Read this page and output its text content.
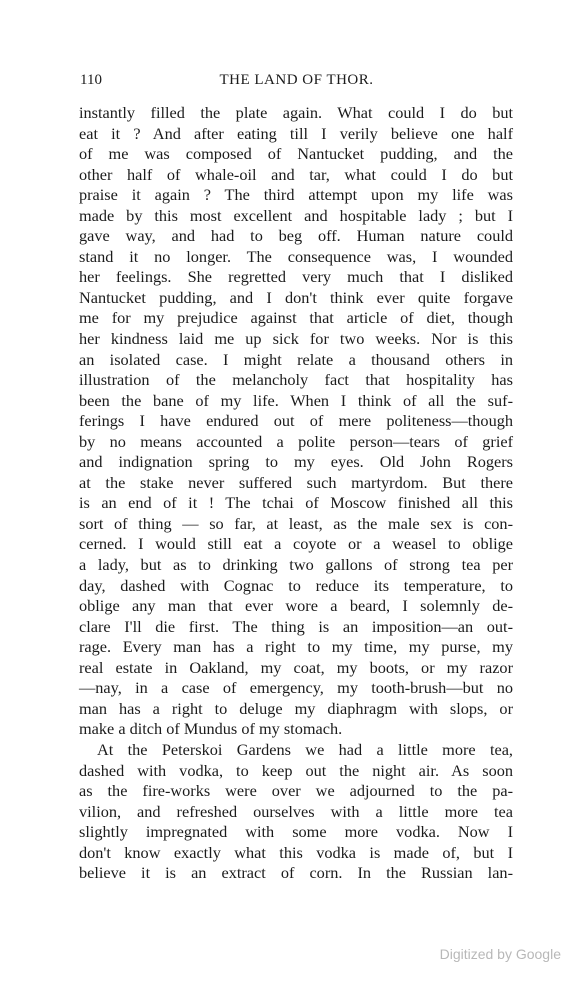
110	THE LAND OF THOR.
instantly filled the plate again. What could I do but
eat it ? And after eating till I verily believe one half
of me was composed of Nantucket pudding, and the
other half of whale-oil and tar, what could I do but
praise it again ? The third attempt upon my life was
made by this most excellent and hospitable lady ; but I
gave way, and had to beg off. Human nature could
stand it no longer. The consequence was, I wounded
her feelings. She regretted very much that I disliked
Nantucket pudding, and I don't think ever quite forgave
me for my prejudice against that article of diet, though
her kindness laid me up sick for two weeks. Nor is this
an isolated case. I might relate a thousand others in
illustration of the melancholy fact that hospitality has
been the bane of my life. When I think of all the suf-
ferings I have endured out of mere politeness—though
by no means accounted a polite person—tears of grief
and indignation spring to my eyes. Old John Rogers
at the stake never suffered such martyrdom. But there
is an end of it ! The tchai of Moscow finished all this
sort of thing — so far, at least, as the male sex is con-
cerned. I would still eat a coyote or a weasel to oblige
a lady, but as to drinking two gallons of strong tea per
day, dashed with Cognac to reduce its temperature, to
oblige any man that ever wore a beard, I solemnly de-
clare I'll die first. The thing is an imposition—an out-
rage. Every man has a right to my time, my purse, my
real estate in Oakland, my coat, my boots, or my razor
—nay, in a case of emergency, my tooth-brush—but no
man has a right to deluge my diaphragm with slops, or
make a ditch of Mundus of my stomach.
At the Peterskoi Gardens we had a little more tea,
dashed with vodka, to keep out the night air. As soon
as the fire-works were over we adjourned to the pa-
vilion, and refreshed ourselves with a little more tea
slightly impregnated with some more vodka. Now I
don't know exactly what this vodka is made of, but I
believe it is an extract of corn. In the Russian lan-
Digitized by Google
